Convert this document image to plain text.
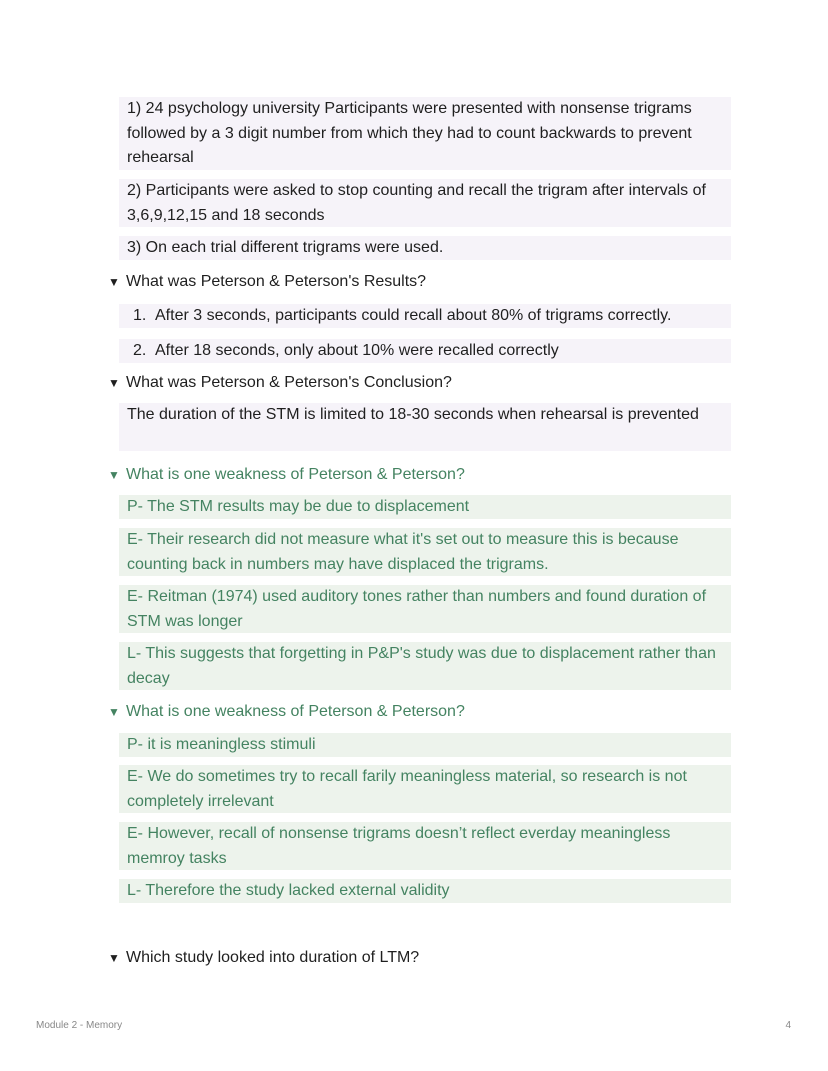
1) 24 psychology university Participants were presented with nonsense trigrams followed by a 3 digit number from which they had to count backwards to prevent rehearsal
2) Participants were asked to stop counting and recall the trigram after intervals of 3,6,9,12,15 and 18 seconds
3) On each trial different trigrams were used.
▼ What was Peterson & Peterson's Results?
1. After 3 seconds, participants could recall about 80% of trigrams correctly.
2. After 18 seconds, only about 10% were recalled correctly
▼ What was Peterson & Peterson's Conclusion?
The duration of the STM is limited to 18-30 seconds when rehearsal is prevented
▼ What is one weakness of Peterson & Peterson?
P- The STM results may be due to displacement
E- Their research did not measure what it's set out to measure this is because counting back in numbers may have displaced the trigrams.
E- Reitman (1974) used auditory tones rather than numbers and found duration of STM was longer
L- This suggests that forgetting in P&P's study was due to displacement rather than decay
▼ What is one weakness of Peterson & Peterson?
P- it is meaningless stimuli
E- We do sometimes try to recall farily meaningless material, so research is not completely irrelevant
E- However, recall of nonsense trigrams doesn’t reflect everday meaningless memroy tasks
L- Therefore the study lacked external validity
▼ Which study looked into duration of LTM?
Module 2 - Memory	4
